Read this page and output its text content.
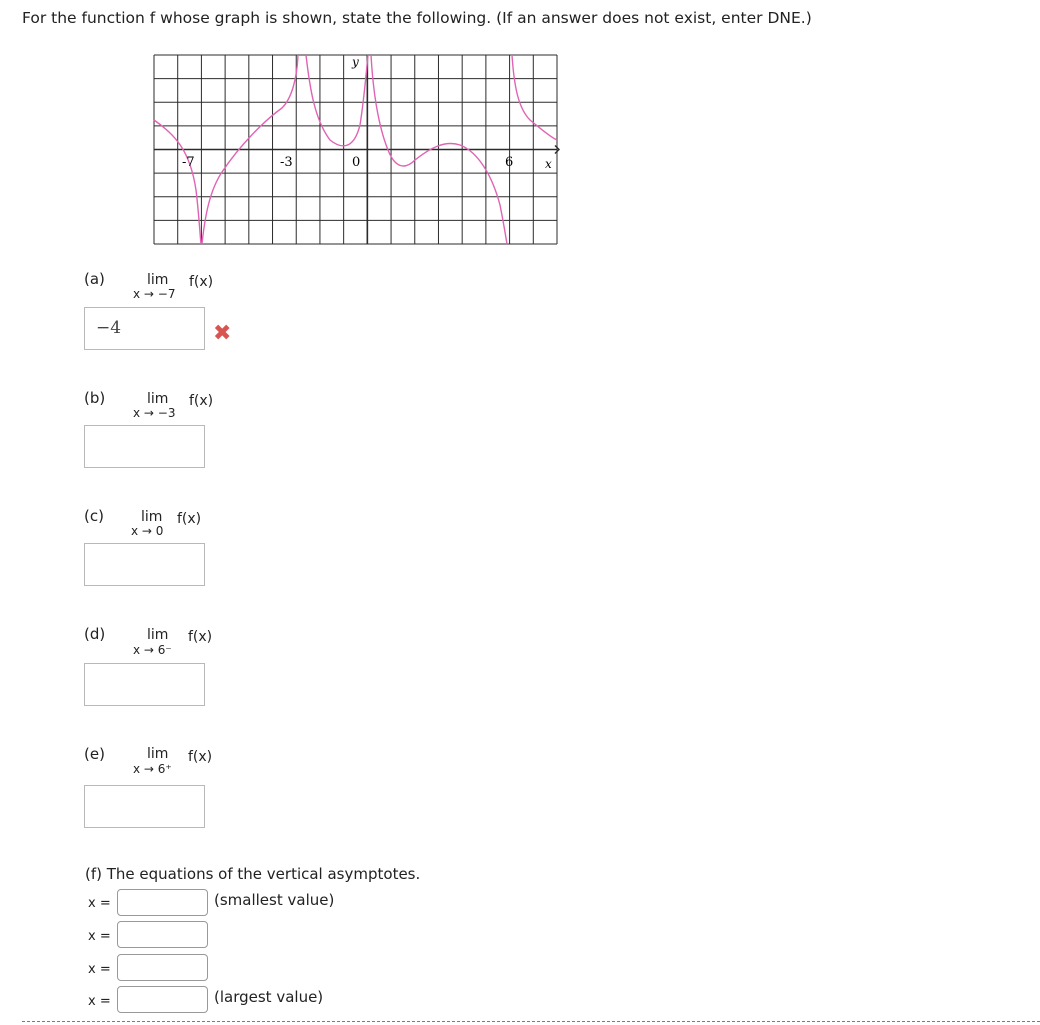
For the function f whose graph is shown, state the following. (If an answer does not exist, enter DNE.)
y
x
-7	-3	0	6
(a)	lim
x → −7
f(x)
−4	✖
(b)	lim
x → −3
f(x)
(c)	lim
x → 0
f(x)
(d)	lim
x → 6⁻
f(x)
(e)	lim
x → 6⁺
f(x)
(f) The equations of the vertical asymptotes.
x =	(smallest value)
x =
x =
x =	(largest value)
